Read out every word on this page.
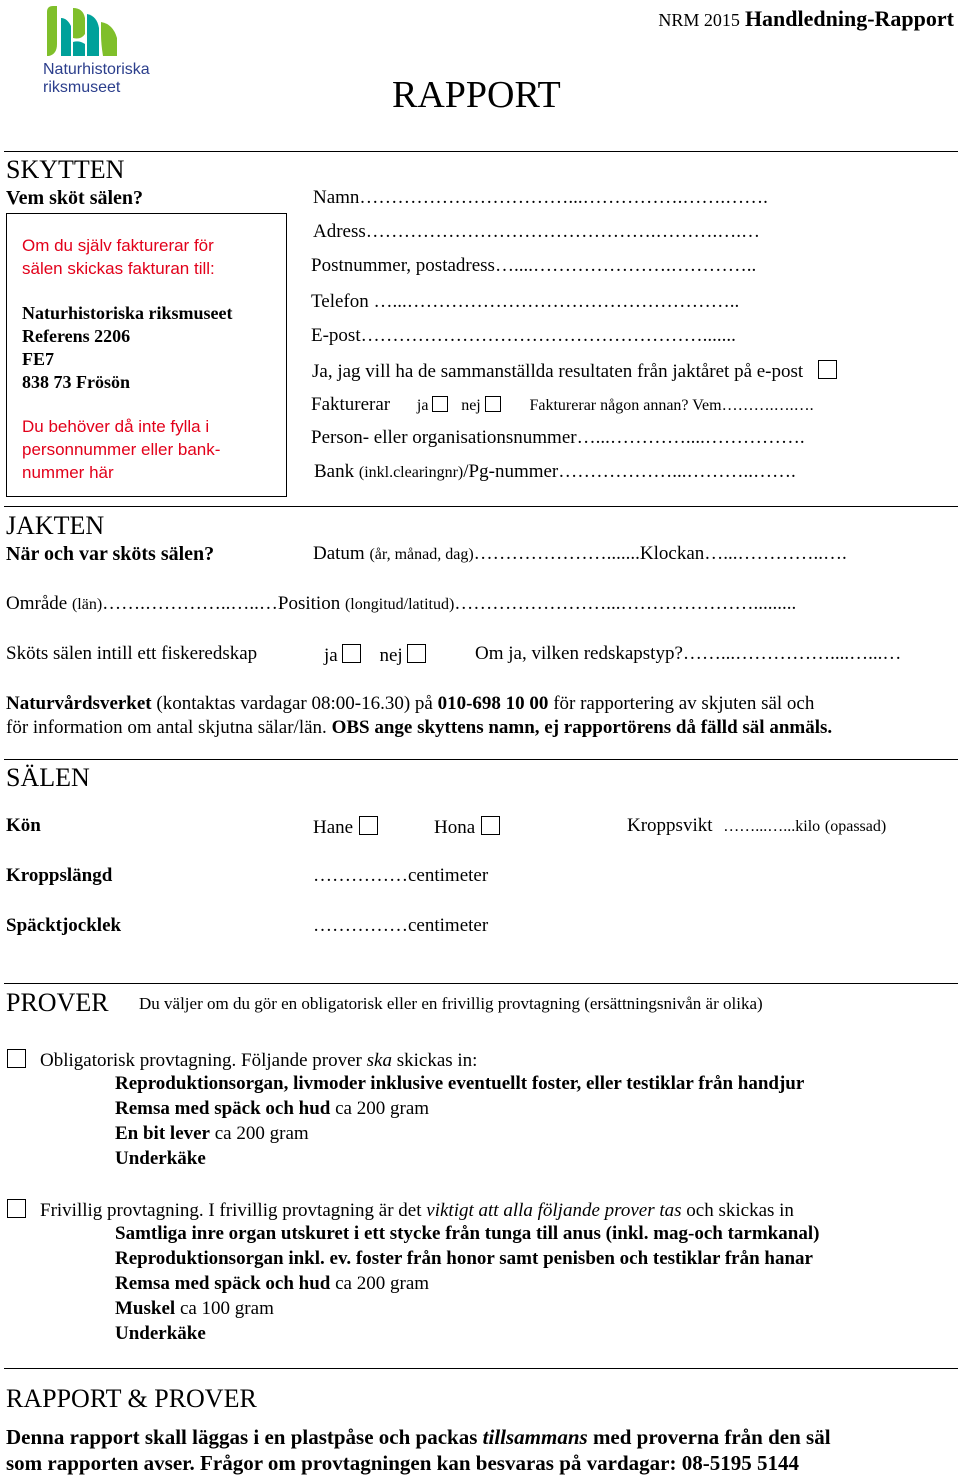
Naturhistoriska
riksmuseet
NRM 2015 Handledning-Rapport
RAPPORT
SKYTTEN
Vem sköt sälen?
Om du själv fakturerar för
sälen skickas fakturan till:
Naturhistoriska riksmuseet
Referens 2206
FE7
838 73 Frösön
Du behöver då inte fylla i
personnummer eller bank-
nummer här
Namn……………………………...…………….…….…….
Adress……………………………………….……….….…
Postnummer, postadress…....………………….…………..
Telefon …...……………………………………………..
E-post……………………………………………….......
Ja, jag vill ha de sammanställda resultaten från jaktåret på e-post
Fakturerar ja nej	Fakturerar någon annan? Vem……….….….
Person- eller organisationsnummer…...…………....…………….
Bank (inkl.clearingnr)/Pg-nummer………………...………..…….
JAKTEN
När och var sköts sälen?	Datum (år, månad, dag)………………….......Klockan…...…………..….
Område (län)…….…………..…..…Position (longitud/latitud)……………………...………………….........
Sköts sälen intill ett fiskeredskap	ja nej	Om ja, vilken redskapstyp?……...……………....…...…
Naturvårdsverket (kontaktas vardagar 08:00-16.30) på 010-698 10 00 för rapportering av skjuten säl och
för information om antal skjutna sälar/län. OBS ange skyttens namn, ej rapportörens då fälld säl anmäls.
SÄLEN
Kön	Hane	Hona	Kroppsvikt ……...…...kilo (opassad)
Kroppslängd	……………centimeter
Späcktjocklek	……………centimeter
PROVER Du väljer om du gör en obligatorisk eller en frivillig provtagning (ersättningsnivån är olika)
Obligatorisk provtagning. Följande prover ska skickas in:
Reproduktionsorgan, livmoder inklusive eventuellt foster, eller testiklar från handjur
Remsa med späck och hud ca 200 gram
En bit lever ca 200 gram
Underkäke
Frivillig provtagning. I frivillig provtagning är det viktigt att alla följande prover tas och skickas in
Samtliga inre organ utskuret i ett stycke från tunga till anus (inkl. mag-och tarmkanal)
Reproduktionsorgan inkl. ev. foster från honor samt penisben och testiklar från hanar
Remsa med späck och hud ca 200 gram
Muskel ca 100 gram
Underkäke
RAPPORT & PROVER
Denna rapport skall läggas i en plastpåse och packas tillsammans med proverna från den säl
som rapporten avser. Frågor om provtagningen kan besvaras på vardagar: 08-5195 5144
